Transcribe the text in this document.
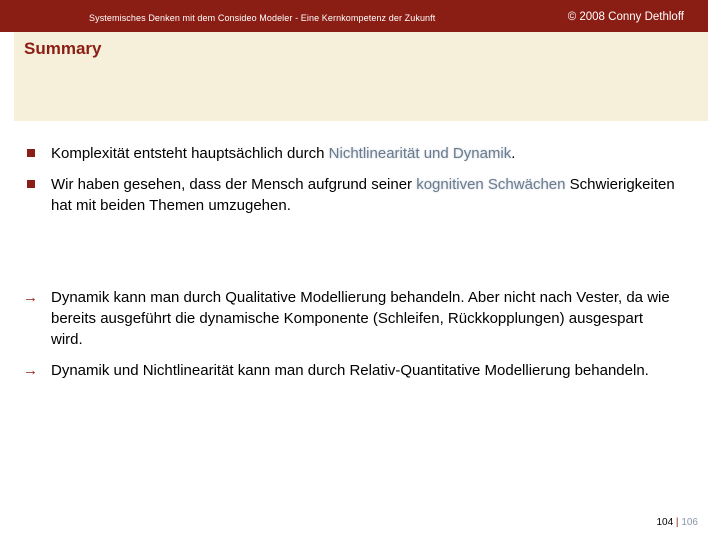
Systemisches Denken mit dem Consideo Modeler - Eine Kernkompetenz der Zukunft	© 2008 Conny Dethloff
Summary
Komplexität entsteht hauptsächlich durch Nichtlinearität und Dynamik.
Wir haben gesehen, dass der Mensch aufgrund seiner kognitiven Schwächen Schwierigkeiten hat mit beiden Themen umzugehen.
→ Dynamik kann man durch Qualitative Modellierung behandeln. Aber nicht nach Vester, da wie bereits ausgeführt die dynamische Komponente (Schleifen, Rückkopplungen) ausgespart wird.
→ Dynamik und Nichtlinearität kann man durch Relativ-Quantitative Modellierung behandeln.
104 | 106
